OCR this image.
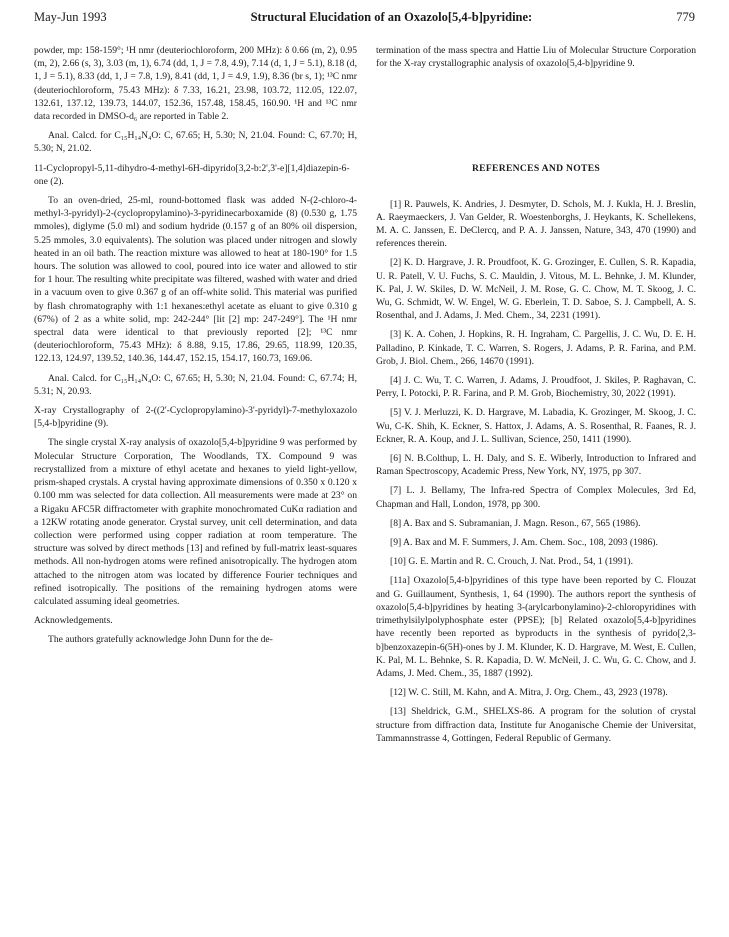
May-Jun 1993	Structural Elucidation of an Oxazolo[5,4-b]pyridine:	779

powder, mp: 158-159°; ¹H nmr (deuteriochloroform, 200 MHz): δ 0.66 (m, 2), 0.95 (m, 2), 2.66 (s, 3), 3.03 (m, 1), 6.74 (dd, 1, J = 7.8, 4.9), 7.14 (d, 1, J = 5.1), 8.18 (d, 1, J = 5.1), 8.33 (dd, 1, J = 7.8, 1.9), 8.41 (dd, 1, J = 4.9, 1.9), 8.36 (br s, 1); ¹³C nmr (deuteriochloroform, 75.43 MHz): δ 7.33, 16.21, 23.98, 103.72, 112.05, 122.07, 132.61, 137.12, 139.73, 144.07, 152.36, 157.48, 158.45, 160.90. ¹H and ¹³C nmr data recorded in DMSO-d₆ are reported in Table 2.

Anal. Calcd. for C₁₅H₁₄N₄O: C, 67.65; H, 5.30; N, 21.04. Found: C, 67.70; H, 5.30; N, 21.02.

11-Cyclopropyl-5,11-dihydro-4-methyl-6H-dipyrido[3,2-b:2',3'-e][1,4]diazepin-6-one (2).

To an oven-dried, 25-ml, round-bottomed flask was added N-(2-chloro-4-methyl-3-pyridyl)-2-(cyclopropylamino)-3-pyridinecarboxamide (8) (0.530 g, 1.75 mmoles), diglyme (5.0 ml) and sodium hydride (0.157 g of an 80% oil dispersion, 5.25 mmoles, 3.0 equivalents). The solution was placed under nitrogen and slowly heated in an oil bath. The reaction mixture was allowed to heat at 180-190° for 1.5 hours. The solution was allowed to cool, poured into ice water and allowed to stir for 1 hour. The resulting white precipitate was filtered, washed with water and dried in a vacuum oven to give 0.367 g of an off-white solid. This material was purified by flash chromatography with 1:1 hexanes:ethyl acetate as eluant to give 0.310 g (67%) of 2 as a white solid, mp: 242-244° [lit [2] mp: 247-249°]. The ¹H nmr spectral data were identical to that previously reported [2]; ¹³C nmr (deuteriochloroform, 75.43 MHz): δ 8.88, 9.15, 17.86, 29.65, 118.99, 120.35, 122.13, 124.97, 139.52, 140.36, 144.47, 152.15, 154.17, 160.73, 169.06.

Anal. Calcd. for C₁₅H₁₄N₄O: C, 67.65; H, 5.30; N, 21.04. Found: C, 67.74; H, 5.31; N, 20.93.

X-ray Crystallography of 2-((2'-Cyclopropylamino)-3'-pyridyl)-7-methyloxazolo [5,4-b]pyridine (9).

The single crystal X-ray analysis of oxazolo[5,4-b]pyridine 9 was performed by Molecular Structure Corporation, The Woodlands, TX. Compound 9 was recrystallized from a mixture of ethyl acetate and hexanes to yield light-yellow, prism-shaped crystals. A crystal having approximate dimensions of 0.350 x 0.120 x 0.100 mm was selected for data collection. All measurements were made at 23° on a Rigaku AFC5R diffractometer with graphite monochromated CuKα radiation and a 12KW rotating anode generator. Crystal survey, unit cell determination, and data collection were performed using copper radiation at room temperature. The structure was solved by direct methods [13] and refined by full-matrix least-squares methods. All non-hydrogen atoms were refined anisotropically. The hydrogen atom attached to the nitrogen atom was located by difference Fourier techniques and refined isotropically. The positions of the remaining hydrogen atoms were calculated assuming ideal geometries.

Acknowledgements.

The authors gratefully acknowledge John Dunn for the de-

termination of the mass spectra and Hattie Liu of Molecular Structure Corporation for the X-ray crystallographic analysis of oxazolo[5,4-b]pyridine 9.

REFERENCES AND NOTES

[1] R. Pauwels, K. Andries, J. Desmyter, D. Schols, M. J. Kukla, H. J. Breslin, A. Raeymaeckers, J. Van Gelder, R. Woestenborghs, J. Heykants, K. Schellekens, M. A. C. Janssen, E. DeClercq, and P. A. J. Janssen, Nature, 343, 470 (1990) and references therein.

[2] K. D. Hargrave, J. R. Proudfoot, K. G. Grozinger, E. Cullen, S. R. Kapadia, U. R. Patell, V. U. Fuchs, S. C. Mauldin, J. Vitous, M. L. Behnke, J. M. Klunder, K. Pal, J. W. Skiles, D. W. McNeil, J. M. Rose, G. C. Chow, M. T. Skoog, J. C. Wu, G. Schmidt, W. W. Engel, W. G. Eberlein, T. D. Saboe, S. J. Campbell, A. S. Rosenthal, and J. Adams, J. Med. Chem., 34, 2231 (1991).

[3] K. A. Cohen, J. Hopkins, R. H. Ingraham, C. Pargellis, J. C. Wu, D. E. H. Palladino, P. Kinkade, T. C. Warren, S. Rogers, J. Adams, P. R. Farina, and P.M. Grob, J. Biol. Chem., 266, 14670 (1991).

[4] J. C. Wu, T. C. Warren, J. Adams, J. Proudfoot, J. Skiles, P. Raghavan, C. Perry, I. Potocki, P. R. Farina, and P. M. Grob, Biochemistry, 30, 2022 (1991).

[5] V. J. Merluzzi, K. D. Hargrave, M. Labadia, K. Grozinger, M. Skoog, J. C. Wu, C-K. Shih, K. Eckner, S. Hattox, J. Adams, A. S. Rosenthal, R. Faanes, R. J. Eckner, R. A. Koup, and J. L. Sullivan, Science, 250, 1411 (1990).

[6] N. B.Colthup, L. H. Daly, and S. E. Wiberly, Introduction to Infrared and Raman Spectroscopy, Academic Press, New York, NY, 1975, pp 307.

[7] L. J. Bellamy, The Infra-red Spectra of Complex Molecules, 3rd Ed, Chapman and Hall, London, 1978, pp 300.

[8] A. Bax and S. Subramanian, J. Magn. Reson., 67, 565 (1986).

[9] A. Bax and M. F. Summers, J. Am. Chem. Soc., 108, 2093 (1986).

[10] G. E. Martin and R. C. Crouch, J. Nat. Prod., 54, 1 (1991).

[11a] Oxazolo[5,4-b]pyridines of this type have been reported by C. Flouzat and G. Guillaument, Synthesis, 1, 64 (1990). The authors report the synthesis of oxazolo[5,4-b]pyridines by heating 3-(arylcarbonylamino)-2-chloropyridines with trimethylsilylpolyphosphate ester (PPSE); [b] Related oxazolo[5,4-b]pyridines have recently been reported as byproducts in the synthesis of pyrido[2,3-b]benzoxazepin-6(5H)-ones by J. M. Klunder, K. D. Hargrave, M. West, E. Cullen, K. Pal, M. L. Behnke, S. R. Kapadia, D. W. McNeil, J. C. Wu, G. C. Chow, and J. Adams, J. Med. Chem., 35, 1887 (1992).

[12] W. C. Still, M. Kahn, and A. Mitra, J. Org. Chem., 43, 2923 (1978).

[13] Sheldrick, G.M., SHELXS-86. A program for the solution of crystal structure from diffraction data, Institute fur Anoganische Chemie der Universitat, Tammannstrasse 4, Gottingen, Federal Republic of Germany.
